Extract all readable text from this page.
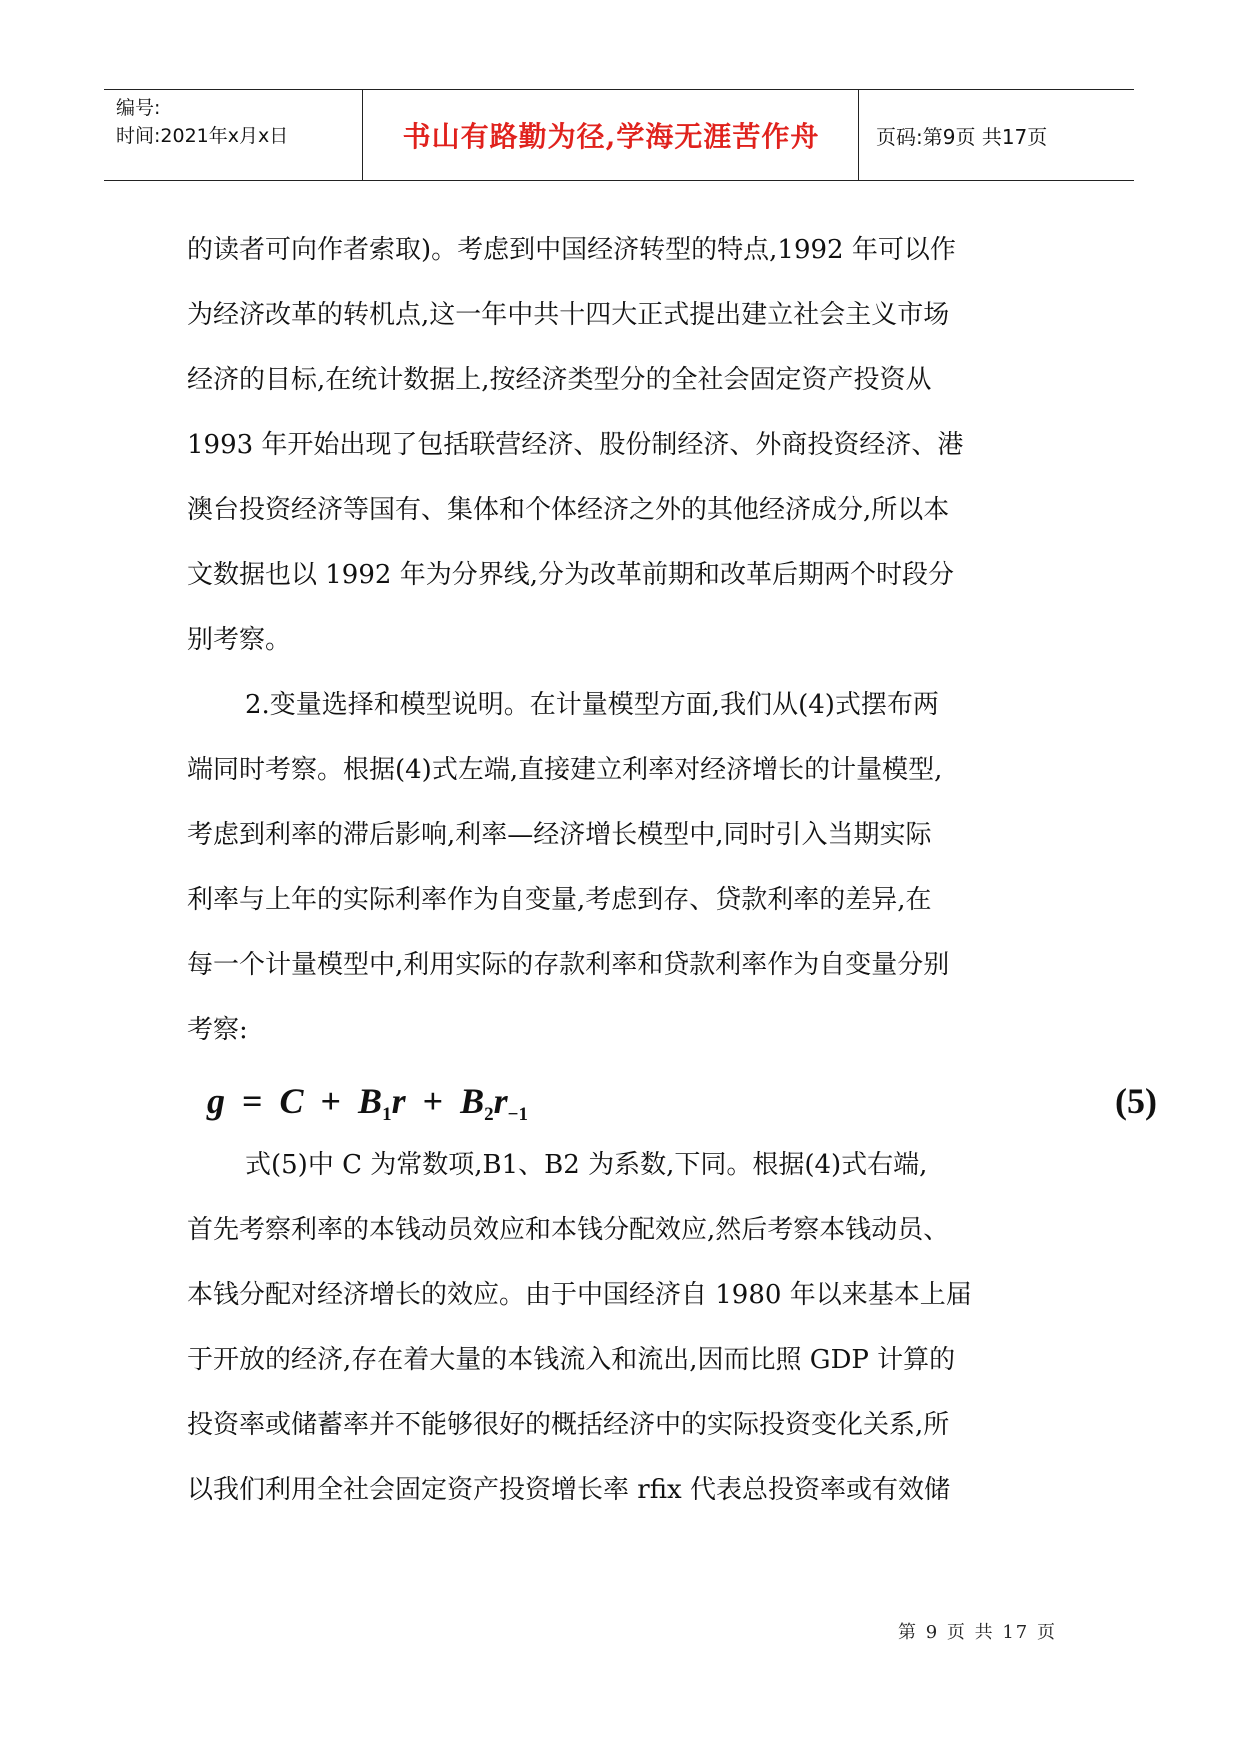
编号:
时间:2021年x月x日	书山有路勤为径,学海无涯苦作舟	页码:第9页 共17页
的读者可向作者索取)。考虑到中国经济转型的特点,1992 年可以作
为经济改革的转机点,这一年中共十四大正式提出建立社会主义市场
经济的目标,在统计数据上,按经济类型分的全社会固定资产投资从
1993 年开始出现了包括联营经济、股份制经济、外商投资经济、港
澳台投资经济等国有、集体和个体经济之外的其他经济成分,所以本
文数据也以 1992 年为分界线,分为改革前期和改革后期两个时段分
别考察。
2.变量选择和模型说明。在计量模型方面,我们从(4)式摆布两
端同时考察。根据(4)式左端,直接建立利率对经济增长的计量模型,
考虑到利率的滞后影响,利率—经济增长模型中,同时引入当期实际
利率与上年的实际利率作为自变量,考虑到存、贷款利率的差异,在
每一个计量模型中,利用实际的存款利率和贷款利率作为自变量分别
考察:
$g = C + B_1r + B_2r_{-1}$	(5)
式(5)中 C 为常数项,B1、B2 为系数,下同。根据(4)式右端,
首先考察利率的本钱动员效应和本钱分配效应,然后考察本钱动员、
本钱分配对经济增长的效应。由于中国经济自 1980 年以来基本上届
于开放的经济,存在着大量的本钱流入和流出,因而比照 GDP 计算的
投资率或储蓄率并不能够很好的概括经济中的实际投资变化关系,所
以我们利用全社会固定资产投资增长率 rfix 代表总投资率或有效储
第 9 页 共 17 页
